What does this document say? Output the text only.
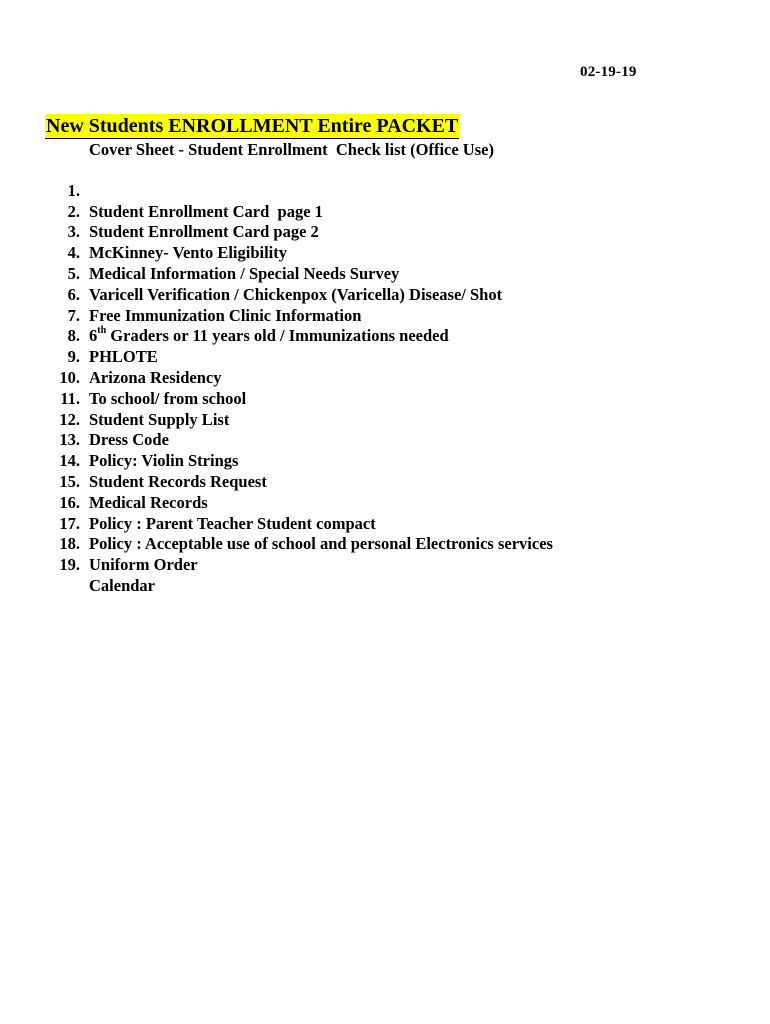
02-19-19
New Students ENROLLMENT Entire PACKET
Cover Sheet - Student Enrollment  Check list (Office Use)

1.

Student Enrollment Card  page 1

2.

Student Enrollment Card page 2

3.

McKinney- Vento Eligibility

4.

Medical Information / Special Needs Survey

5.

Varicell Verification / Chickenpox (Varicella) Disease/ Shot

6.

Free Immunization Clinic Information

7.

6th Graders or 11 years old / Immunizations needed

8.

PHLOTE

9.

Arizona Residency

10.

To school/ from school

11.

Student Supply List

12.

Dress Code

13.

Policy: Violin Strings

14.

Student Records Request

15.

Medical Records

16.

Policy : Parent Teacher Student compact

17.

Policy : Acceptable use of school and personal Electronics services

18.

Uniform Order

19.

Calendar
